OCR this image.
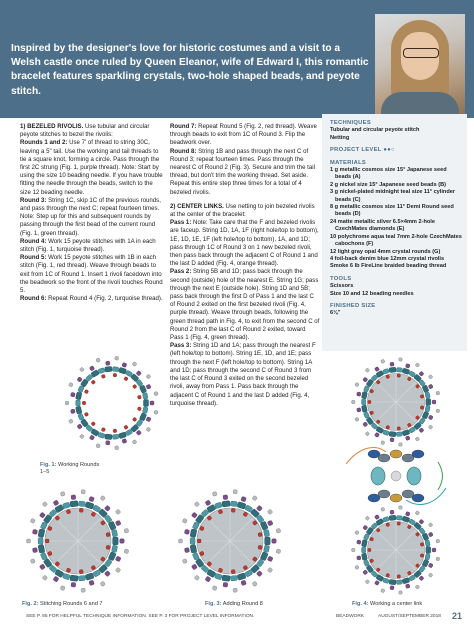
Inspired by the designer's love for historic costumes and a visit to a Welsh castle once ruled by Queen Eleanor, wife of Edward I, this romantic bracelet features sparkling crystals, two-hole shaped beads, and peyote stitch.

1) BEZELED RIVOLIS. Use tubular and circular peyote stitches to bezel the rivolis:

Rounds 1 and 2: Use 7' of thread to string 30C, leaving a 5" tail. Use the working and tail threads to tie a square knot, forming a circle. Pass through the first 2C strung (Fig. 1, purple thread). Note: Start by using the size 10 beading needle. If you have trouble fitting the needle through the beads, switch to the size 12 beading needle.

Round 3: String 1C, skip 1C of the previous rounds, and pass through the next C; repeat fourteen times. Note: Step up for this and subsequent rounds by passing through the first bead of the current round (Fig. 1, green thread).

Round 4: Work 15 peyote stitches with 1A in each stitch (Fig. 1, turquoise thread).

Round 5: Work 15 peyote stitches with 1B in each stitch (Fig. 1, red thread). Weave through beads to exit from 1C of Round 1. Insert 1 rivoli facedown into the beadwork so the front of the rivoli touches Round 5.

Round 6: Repeat Round 4 (Fig. 2, turquoise thread).

Round 7: Repeat Round 5 (Fig. 2, red thread). Weave through beads to exit from 1C of Round 3. Flip the beadwork over.

Round 8: String 1B and pass through the next C of Round 3; repeat fourteen times. Pass through the nearest C of Round 2 (Fig. 3). Secure and trim the tail thread, but don't trim the working thread. Set aside. Repeat this entire step three times for a total of 4 bezeled rivolis.

2) CENTER LINKS. Use netting to join bezeled rivolis at the center of the bracelet:

Pass 1: Note: Take care that the F and bezeled rivolis are faceup. String 1D, 1A, 1F (right hole/top to bottom), 1E, 1D, 1E, 1F (left hole/top to bottom), 1A, and 1D; pass through 1C of Round 3 on 1 new bezeled rivoli, then pass back through the adjacent C of Round 1 and the last D added (Fig. 4, orange thread).

Pass 2: String 5B and 1D; pass back through the second (outside) hole of the nearest E. String 1G; pass through the next E (outside hole). String 1D and 5B; pass back through the first D of Pass 1 and the last C of Round 2 exited on the first bezeled rivoli (Fig. 4, purple thread). Weave through beads, following the green thread path in Fig. 4, to exit from the second C of Round 2 from the last C of Round 2 exited, toward Pass 1 (Fig. 4, green thread).

Pass 3: String 1D and 1A; pass through the nearest F (left hole/top to bottom). String 1E, 1D, and 1E; pass through the next F (left hole/top to bottom). String 1A and 1D; pass through the second C of Round 3 from the last C of Round 3 exited on the second bezeled rivoli, away from Pass 1. Pass back through the adjacent C of Round 1 and the last D added (Fig. 4, turquoise thread).

TECHNIQUES
Tubular and circular peyote stitch
Netting
PROJECT LEVEL ●●○
MATERIALS
1 g metallic cosmos size 15° Japanese seed beads (A)
2 g nickel size 15° Japanese seed beads (B)
3 g nickel-plated midnight teal size 11° cylinder beads (C)
8 g metallic cosmos size 11° Demi Round seed beads (D)
24 matte metallic silver 6.5×4mm 2-hole CzechMates diamonds (E)
10 polychrome aqua teal 7mm 2-hole CzechMates cabochons (F)
12 light gray opal 4mm crystal rounds (G)
4 foil-back denim blue 12mm crystal rivolis
Smoke 6 lb FireLine braided beading thread
TOOLS
Scissors
Size 10 and 12 beading needles
FINISHED SIZE
6⅛"
Fig. 1: Working Rounds 1–5
Fig. 2: Stitching Rounds 6 and 7	Fig. 3: Adding Round 8	Fig. 4: Working a center link
SEE P. 85 FOR HELPFUL TECHNIQUE INFORMATION. SEE P. 3 FOR PROJECT LEVEL INFORMATION.	BEADWORK	AUGUST/SEPTEMBER 2018 21
